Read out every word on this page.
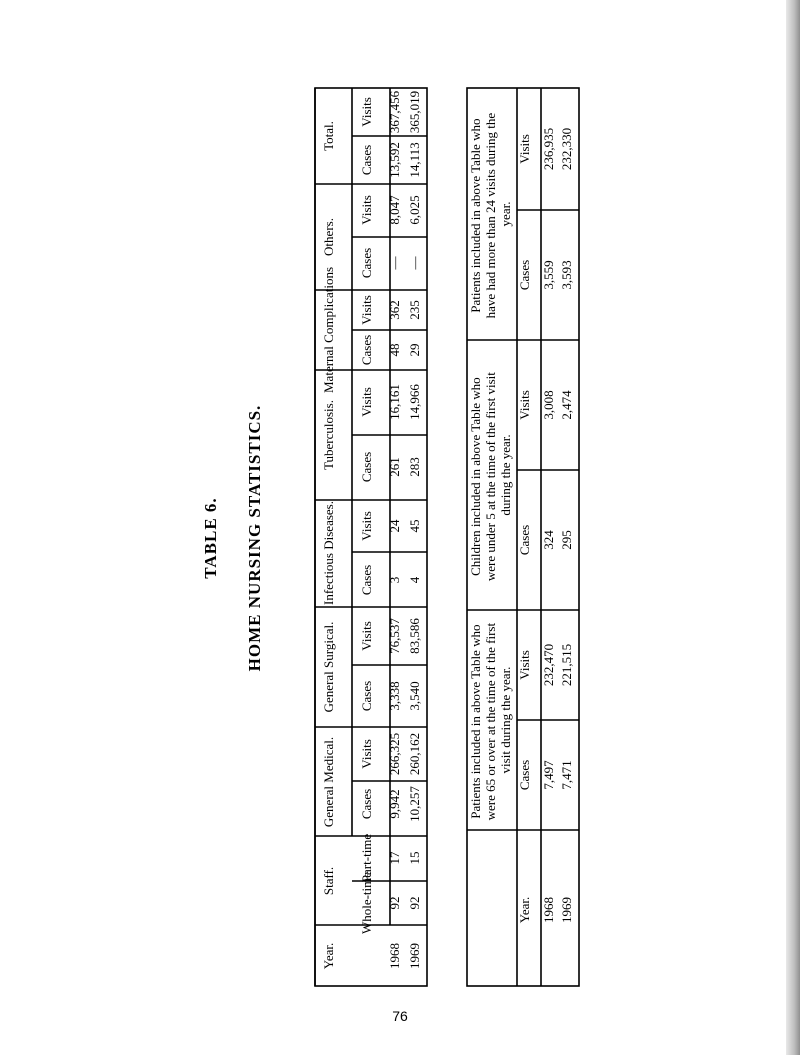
TABLE 6. HOME NURSING STATISTICS.
Year.
Staff.
General Medical.
General Surgical.
Infectious Diseases.
Tuberculosis.
Maternal Complications
Others.
Total.
Whole-time
Part-time
Cases
Visits
Cases
Visits
Cases
Visits
Cases
Visits
Cases
Visits
Cases
Visits
Cases
Visits
1968
92
17
9,942
266,325
3,338
76,537
3
24
261
16,161
48
362
—
8,047
13,592
367,456
1969
92
15
10,257
260,162
3,540
83,586
4
45
283
14,966
29
235
—
6,025
14,113
365,019
Patients included in above Table who were 65 or over at the time of the first visit during the year.
Children included in above Table who were under 5 at the time of the first visit during the year.
Patients included in above Table who have had more than 24 visits during the year.
Year.
Cases
Visits
Cases
Visits
Cases
Visits
1968
7,497
232,470
324
3,008
3,559
236,935
1969
7,471
221,515
295
2,474
3,593
232,330
76
